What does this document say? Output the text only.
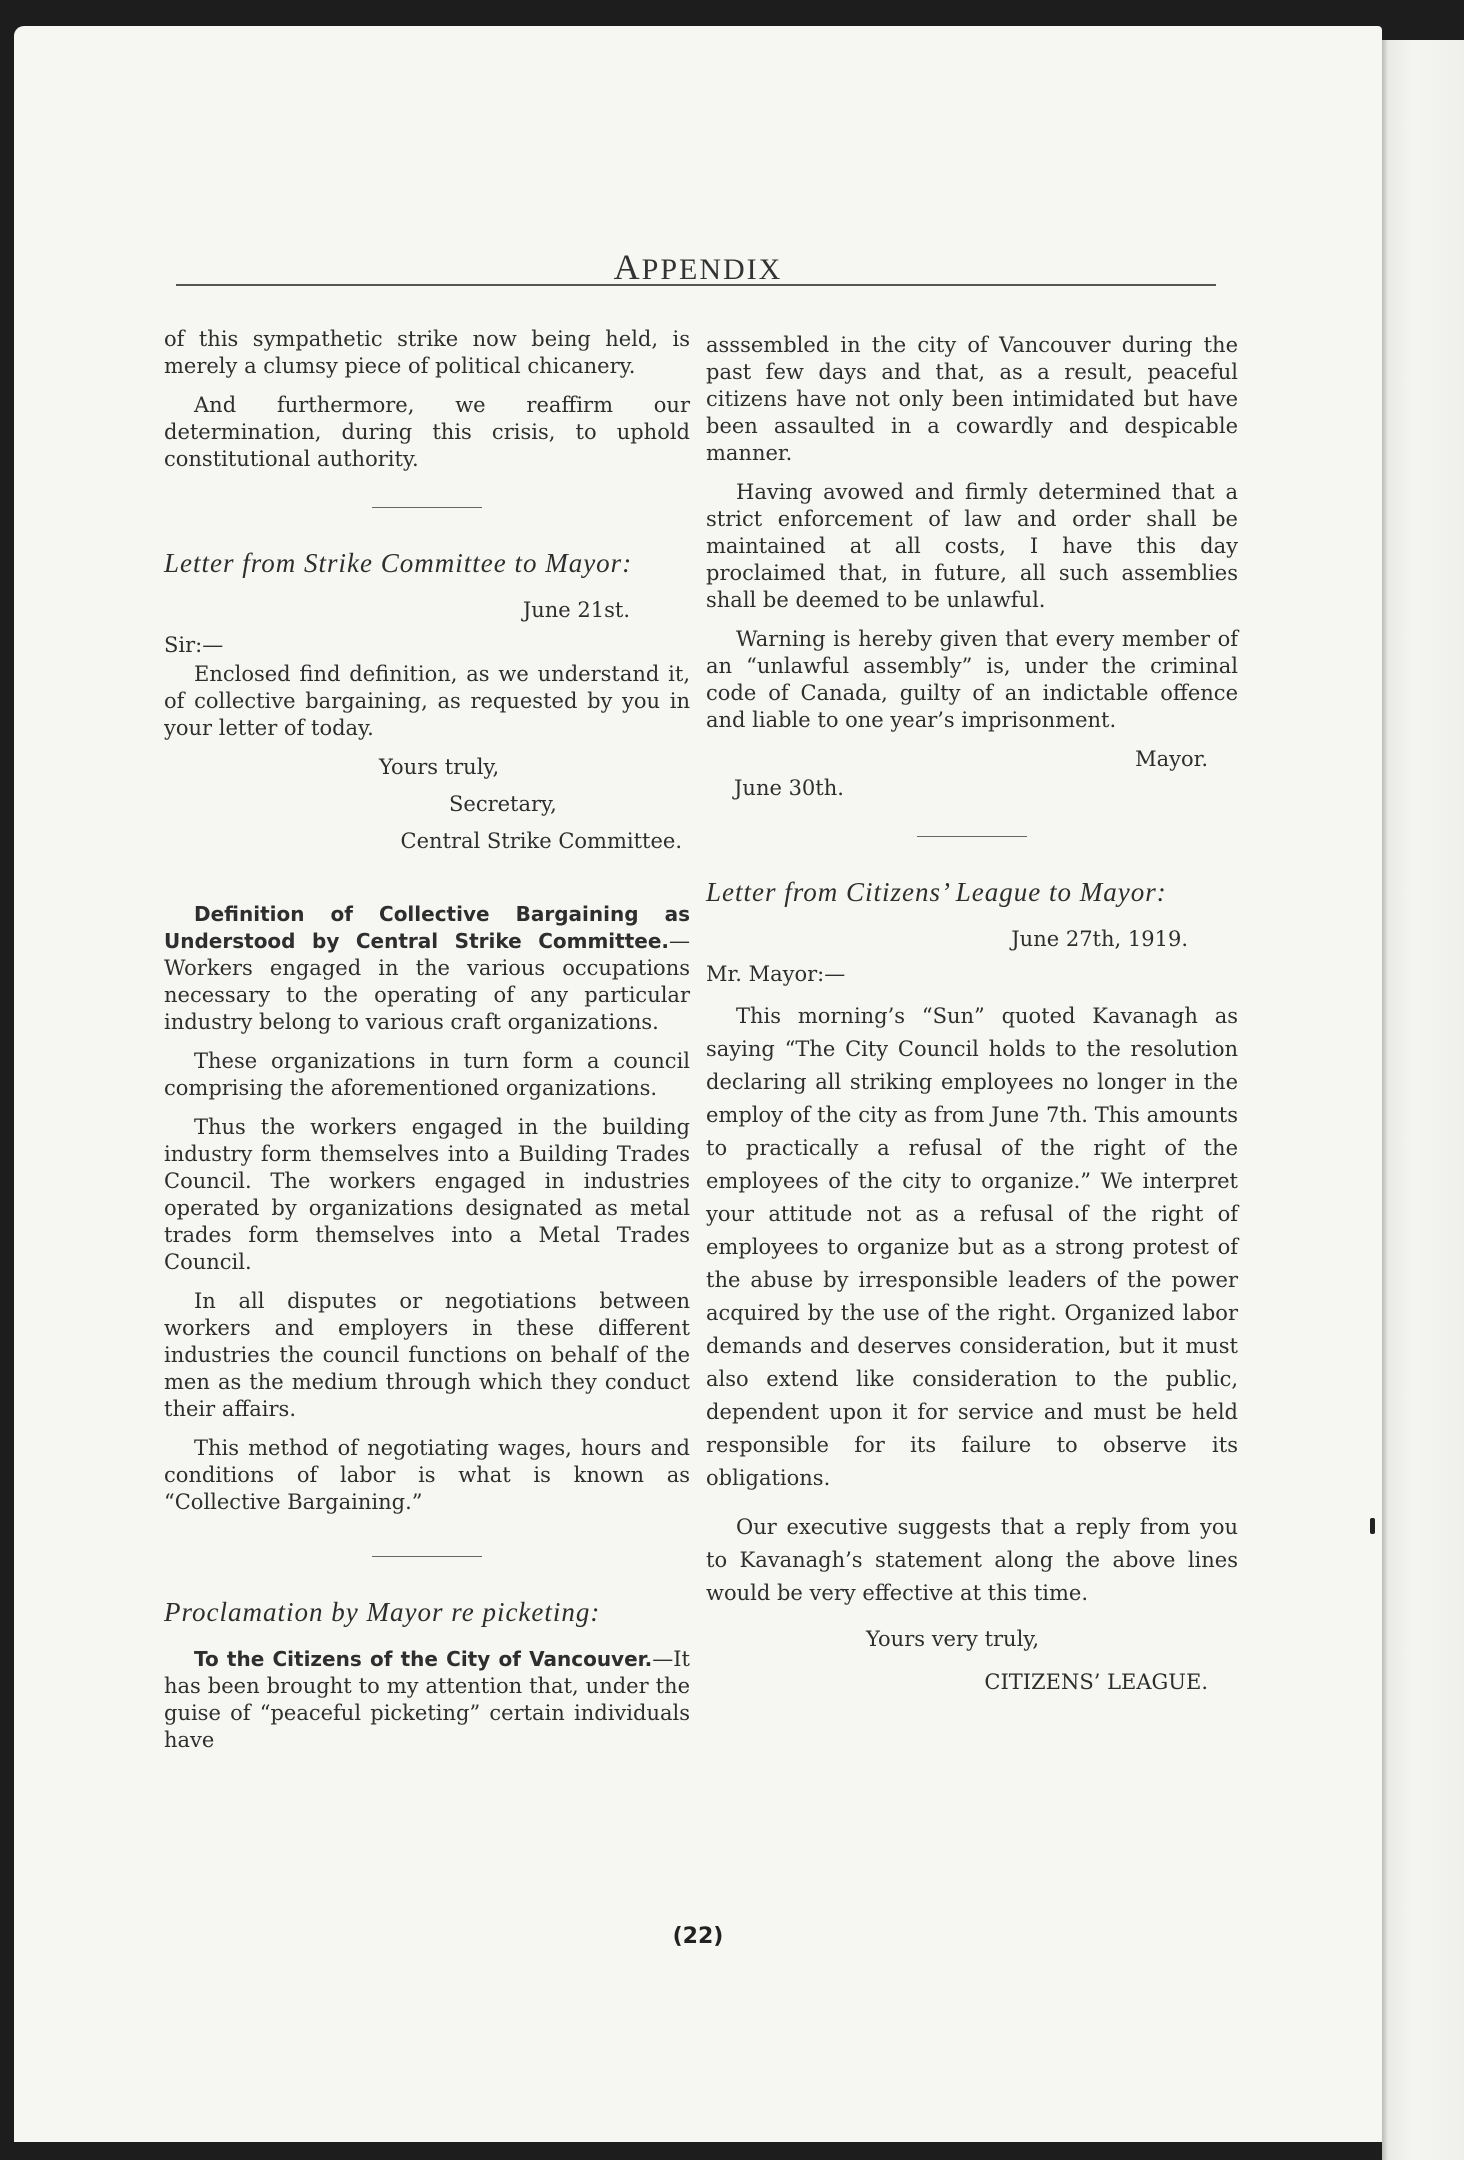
APPENDIX

of this sympathetic strike now being held, is merely a clumsy piece of political chicanery.

And furthermore, we reaffirm our determination, during this crisis, to uphold constitutional authority.

Letter from Strike Committee to Mayor:

June 21st.

Sir:—

Enclosed find definition, as we understand it, of collective bargaining, as requested by you in your letter of today.

Yours truly,

Secretary,

Central Strike Committee.

Definition of Collective Bargaining as Understood by Central Strike Committee.—Workers engaged in the various occupations necessary to the operating of any particular industry belong to various craft organizations.

These organizations in turn form a council comprising the aforementioned organizations.

Thus the workers engaged in the building industry form themselves into a Building Trades Council. The workers engaged in industries operated by organizations designated as metal trades form themselves into a Metal Trades Council.

In all disputes or negotiations between workers and employers in these different industries the council functions on behalf of the men as the medium through which they conduct their affairs.

This method of negotiating wages, hours and conditions of labor is what is known as “Collective Bargaining.”

Proclamation by Mayor re picketing:

To the Citizens of the City of Vancouver.—It has been brought to my attention that, under the guise of “peaceful picketing” certain individuals have

asssembled in the city of Vancouver during the past few days and that, as a result, peaceful citizens have not only been intimidated but have been assaulted in a cowardly and despicable manner.

Having avowed and firmly determined that a strict enforcement of law and order shall be maintained at all costs, I have this day proclaimed that, in future, all such assemblies shall be deemed to be unlawful.

Warning is hereby given that every member of an “unlawful assembly” is, under the criminal code of Canada, guilty of an indictable offence and liable to one year’s imprisonment.

Mayor.

June 30th.

Letter from Citizens’ League to Mayor:

June 27th, 1919.

Mr. Mayor:—

This morning’s “Sun” quoted Kavanagh as saying “The City Council holds to the resolution declaring all striking employees no longer in the employ of the city as from June 7th. This amounts to practically a refusal of the right of the employees of the city to organize.” We interpret your attitude not as a refusal of the right of employees to organize but as a strong protest of the abuse by irresponsible leaders of the power acquired by the use of the right. Organized labor demands and deserves consideration, but it must also extend like consideration to the public, dependent upon it for service and must be held responsible for its failure to observe its obligations.

Our executive suggests that a reply from you to Kavanagh’s statement along the above lines would be very effective at this time.

Yours very truly,

CITIZENS’ LEAGUE.

(22)
